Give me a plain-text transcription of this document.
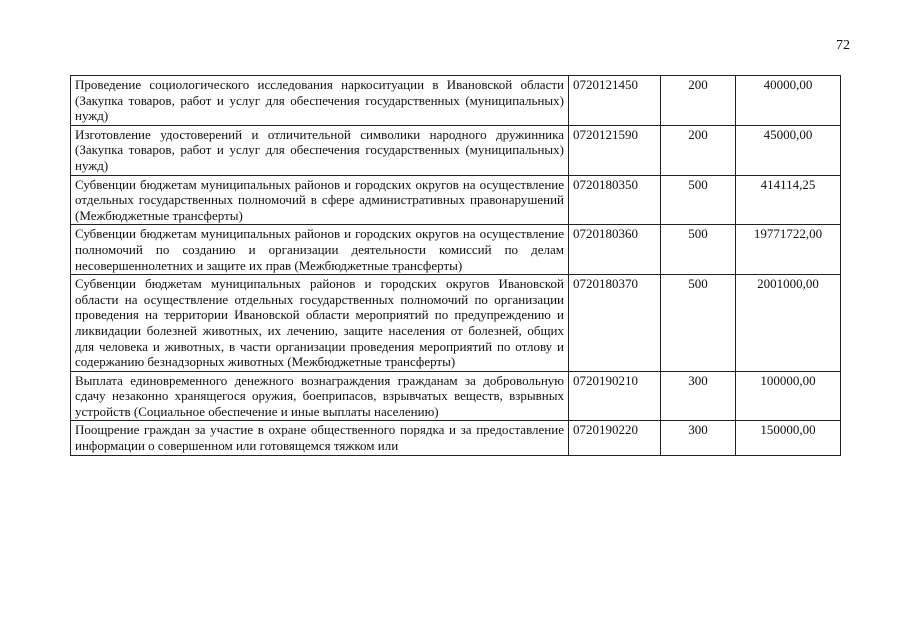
72
Проведение социологического исследования наркоситуации в Ивановской области (Закупка товаров, работ и услуг для обеспечения государственных (муниципальных) нужд)	0720121450	200	40000,00
Изготовление удостоверений и отличительной символики народного дружинника (Закупка товаров, работ и услуг для обеспечения государственных (муниципальных) нужд)	0720121590	200	45000,00
Субвенции бюджетам муниципальных районов и городских округов на осуществление отдельных государственных полномочий в сфере административных правонарушений (Межбюджетные трансферты)	0720180350	500	414114,25
Субвенции бюджетам муниципальных районов и городских округов на осуществление полномочий по созданию и организации деятельности комиссий по делам несовершеннолетних и защите их прав (Межбюджетные трансферты)	0720180360	500	19771722,00
Субвенции бюджетам муниципальных районов и городских округов Ивановской области на осуществление отдельных государственных полномочий по организации проведения на территории Ивановской области мероприятий по предупреждению и ликвидации болезней животных, их лечению, защите населения от болезней, общих для человека и животных, в части организации проведения мероприятий по отлову и содержанию безнадзорных животных (Межбюджетные трансферты)	0720180370	500	2001000,00
Выплата единовременного денежного вознаграждения гражданам за добровольную сдачу незаконно хранящегося оружия, боеприпасов, взрывчатых веществ, взрывных устройств (Социальное обеспечение и иные выплаты населению)	0720190210	300	100000,00
Поощрение граждан за участие в охране общественного порядка и за предоставление информации о совершенном или готовящемся тяжком или	0720190220	300	150000,00
